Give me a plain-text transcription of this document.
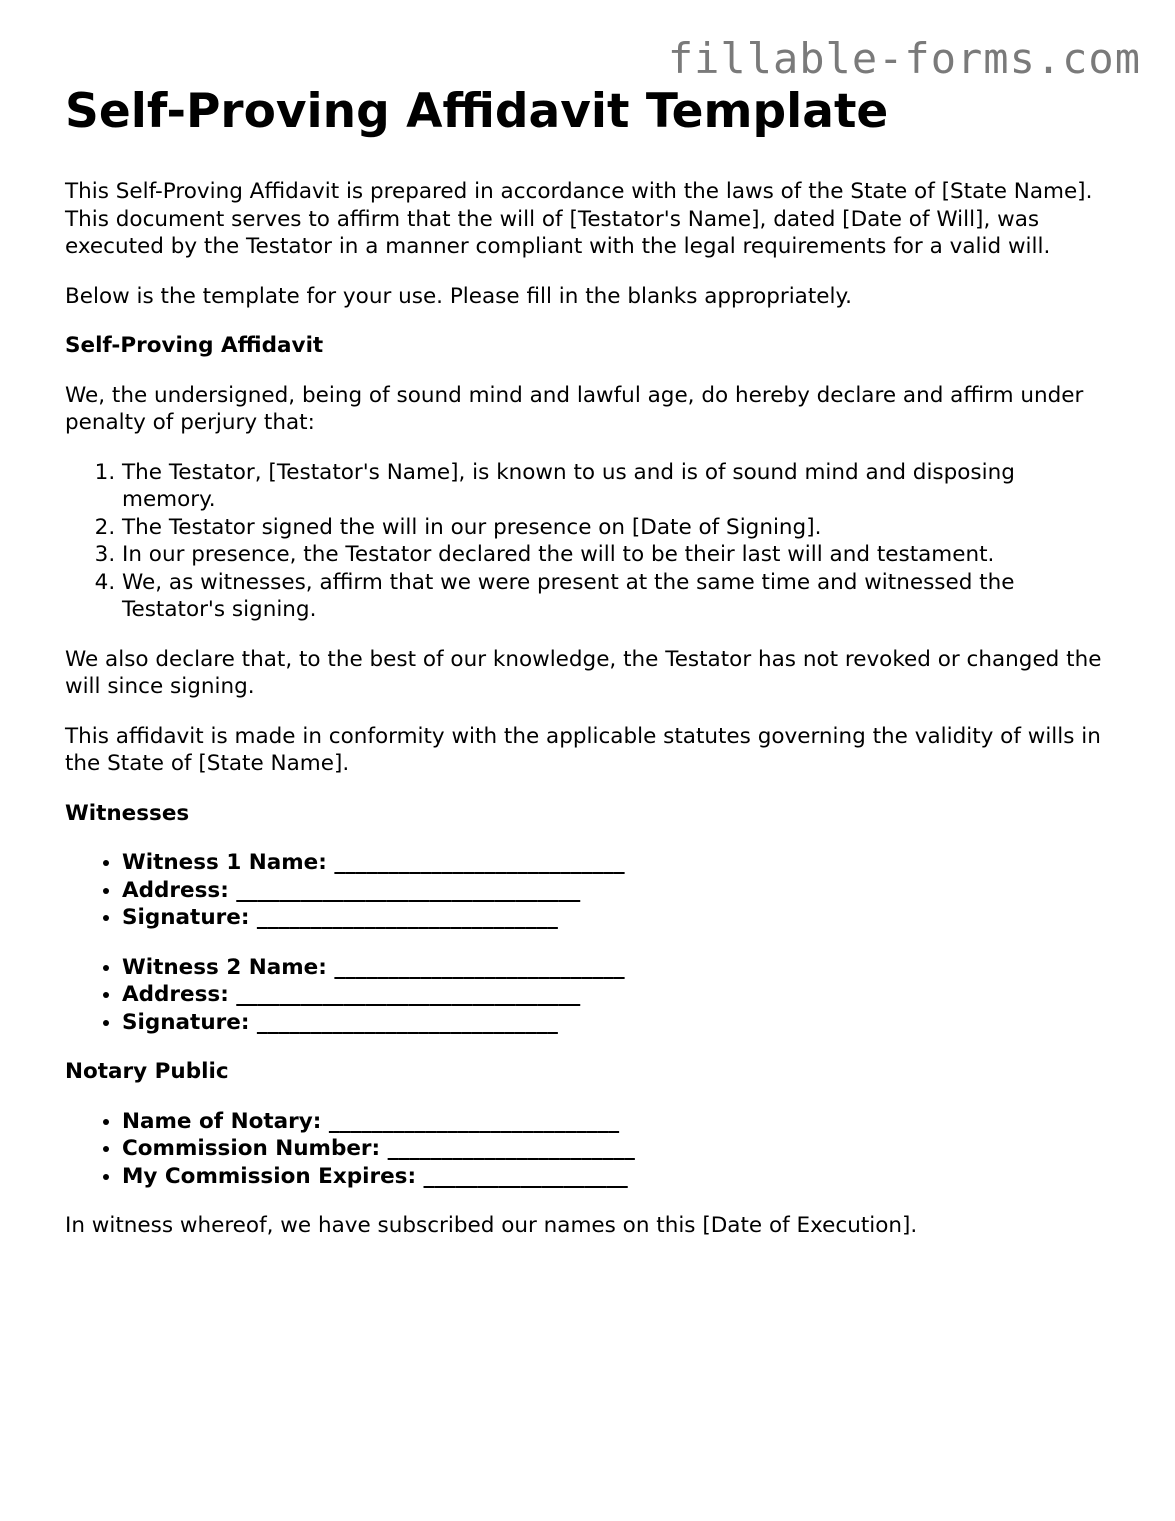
fillable-forms.com
Self-Proving Affidavit Template

This Self-Proving Affidavit is prepared in accordance with the laws of the State of [State Name]. This document serves to affirm that the will of [Testator's Name], dated [Date of Will], was executed by the Testator in a manner compliant with the legal requirements for a valid will.

Below is the template for your use. Please fill in the blanks appropriately.

Self-Proving Affidavit

We, the undersigned, being of sound mind and lawful age, do hereby declare and affirm under penalty of perjury that:

1. The Testator, [Testator's Name], is known to us and is of sound mind and disposing memory.
2. The Testator signed the will in our presence on [Date of Signing].
3. In our presence, the Testator declared the will to be their last will and testament.
4. We, as witnesses, affirm that we were present at the same time and witnessed the Testator's signing.

We also declare that, to the best of our knowledge, the Testator has not revoked or changed the will since signing.

This affidavit is made in conformity with the applicable statutes governing the validity of wills in the State of [State Name].

Witnesses
• Witness 1 Name: ___________________________
• Address: ________________________________
• Signature: ____________________________
• Witness 2 Name: ___________________________
• Address: ________________________________
• Signature: ____________________________
Notary Public
• Name of Notary: ___________________________
• Commission Number: _______________________
• My Commission Expires: ___________________

In witness whereof, we have subscribed our names on this [Date of Execution].
